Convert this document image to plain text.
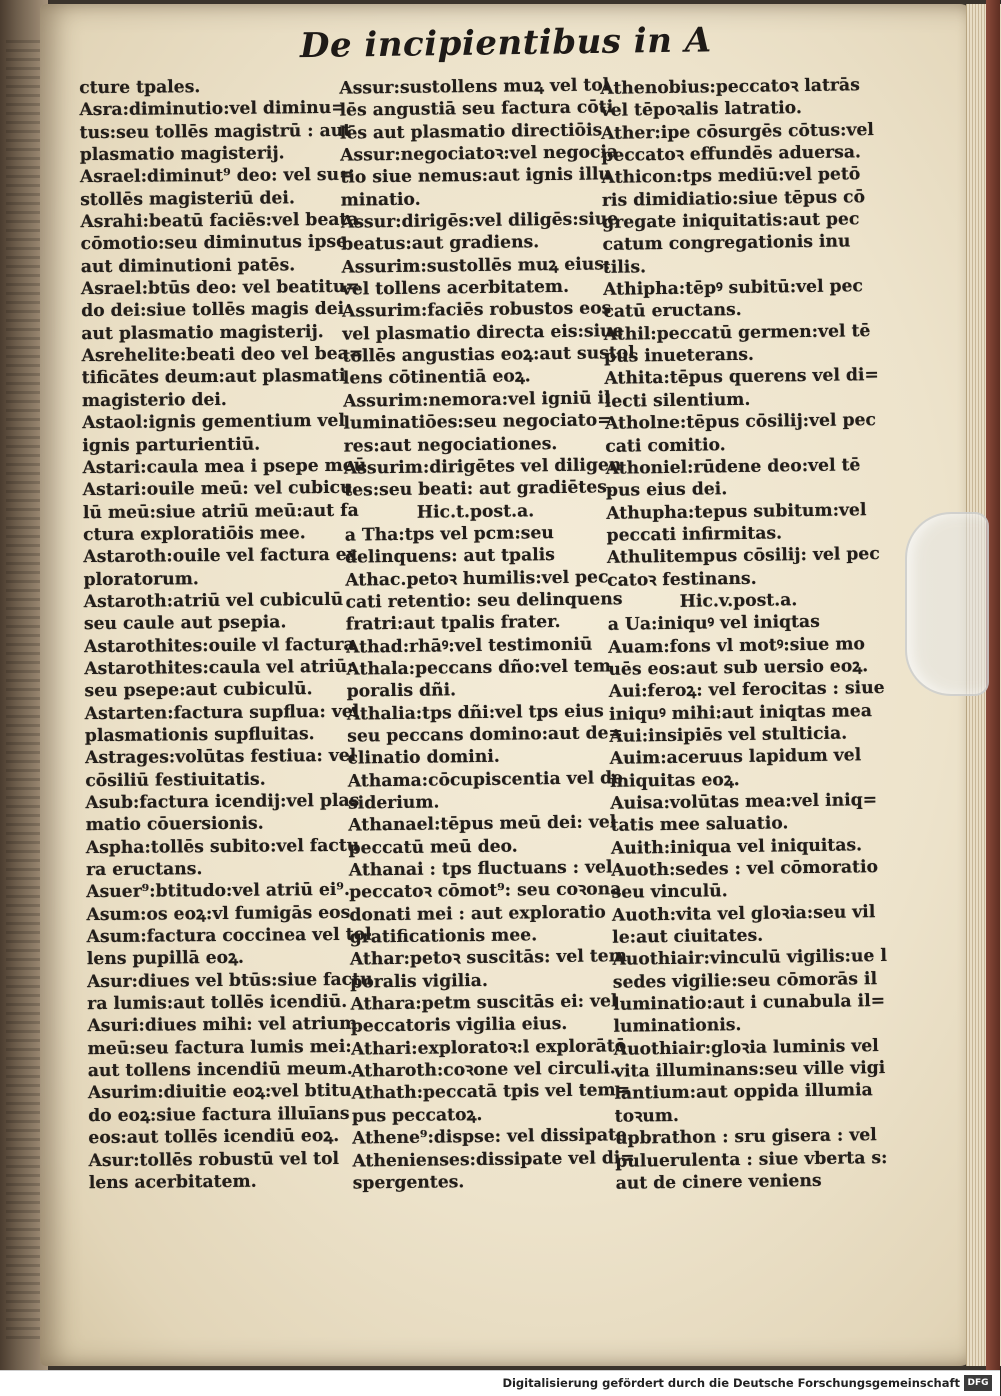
De incipientibus in A
cture tpales.
Asra:diminutio:vel diminu=
tus:seu tollēs magistrū : aut
plasmatio magisterij.
Asrael:diminut⁹ deo: vel su=
stollēs magisteriū dei.
Asrahi:beatū faciēs:vel beata
cōmotio:seu diminutus ipse
aut diminutioni patēs.
Asrael:btūs deo: vel beatitu=
do dei:siue tollēs magis dei
aut plasmatio magisterij.
Asrehelite:beati deo vel bea=
tificātes deum:aut plasmati
magisterio dei.
Astaol:ignis gementium vel
ignis parturientiū.
Astari:caula mea i psepe meū
Astari:ouile meū: vel cubicu
lū meū:siue atriū meū:aut fa
ctura exploratiōis mee.
Astaroth:ouile vel factura ex
ploratorum.
Astaroth:atriū vel cubiculū
seu caule aut psepia.
Astarothites:ouile vl factura
Astarothites:caula vel atriū:
seu psepe:aut cubiculū.
Astarten:factura supflua: vel
plasmationis supfluitas.
Astrages:volūtas festiua: vel
cōsiliū festiuitatis.
Asub:factura icendij:vel plas
matio cōuersionis.
Aspha:tollēs subito:vel factu
ra eructans.
Asuer⁹:btitudo:vel atriū ei⁹.
Asum:os eoꝝ:vl fumigās eos
Asum:factura coccinea vel tol
lens pupillā eoꝝ.
Asur:diues vel btūs:siue factu
ra lumis:aut tollēs icendiū.
Asuri:diues mihi: vel atrium
meū:seu factura lumis mei:
aut tollens incendiū meum.
Asurim:diuitie eoꝝ:vel btitu
do eoꝝ:siue factura illuīans
eos:aut tollēs icendiū eoꝝ.
Asur:tollēs robustū vel tol
lens acerbitatem.
Assur:sustollens muꝝ vel tol
lēs angustiā seu factura cōti
lēs aut plasmatio directiōis
Assur:negociatoꝛ:vel negocia
tio siue nemus:aut ignis illu
minatio.
Assur:dirigēs:vel diligēs:siue
beatus:aut gradiens.
Assurim:sustollēs muꝝ eius:
vel tollens acerbitatem.
Assurim:faciēs robustos eos
vel plasmatio directa eis:siue
tollēs angustias eoꝝ:aut sustol
lens cōtinentiā eoꝝ.
Assurim:nemora:vel igniū il
luminatiōes:seu negociato=
res:aut negociationes.
Assurim:dirigētes vel diligen
tes:seu beati: aut gradiētes.
Hic.t.post.a.
a Tha:tps vel pcm:seu
delinquens: aut tpalis
Athac.petoꝛ humilis:vel pec
cati retentio: seu delinquens
fratri:aut tpalis frater.
Athad:rhāꝰ:vel testimoniū
Athala:peccans dño:vel tem
poralis dñi.
Athalia:tps dñi:vel tps eius
seu peccans domino:aut de=
clinatio domini.
Athama:cōcupiscentia vel de
siderium.
Athanael:tēpus meū dei: vel
peccatū meū deo.
Athanai : tps fluctuans : vel
peccatoꝛ cōmot⁹: seu coꝛona
donati mei : aut exploratio
gratificationis mee.
Athar:petoꝛ suscitās: vel tem
poralis vigilia.
Athara:petm suscitās ei: vel
peccatoris vigilia eius.
Athari:exploratoꝛ:l explorātō
Atharoth:coꝛone vel circuli.
Athath:peccatā tpis vel tem=
pus peccatoꝝ.
Athene⁹:dispse: vel dissipate.
Athenienses:dissipate vel di=
spergentes.
Athenobius:peccatoꝛ latrās
vel tēpoꝛalis latratio.
Ather:ipe cōsurgēs cōtus:vel
peccatoꝛ effundēs aduersa.
Athicon:tps mediū:vel petō
ris dimidiatio:siue tēpus cō
gregate iniquitatis:aut pec
catum congregationis inu
tilis.
Athipha:tēpꝰ subitū:vel pec
catū eructans.
Athil:peccatū germen:vel tē
pus inueterans.
Athita:tēpus querens vel di=
lecti silentium.
Atholne:tēpus cōsilij:vel pec
cati comitio.
Athoniel:rūdene deo:vel tē
pus eius dei.
Athupha:tepus subitum:vel
peccati infirmitas.
Athulitempus cōsilij: vel pec
catoꝛ festinans.
Hic.v.post.a.
a Ua:iniquꝰ vel iniqtas
Auam:fons vl motꝰ:siue mo
uēs eos:aut sub uersio eoꝝ.
Aui:feroꝝ: vel ferocitas : siue
iniquꝰ mihi:aut iniqtas mea
Aui:insipiēs vel stulticia.
Auim:aceruus lapidum vel
iniquitas eoꝝ.
Auisa:volūtas mea:vel iniq=
tatis mee saluatio.
Auith:iniqua vel iniquitas.
Auoth:sedes : vel cōmoratio
seu vinculū.
Auoth:vita vel gloꝛia:seu vil
le:aut ciuitates.
Auothiair:vinculū vigilis:ue l
sedes vigilie:seu cōmorās il
luminatio:aut i cunabula il=
luminationis.
Auothiair:gloꝛia luminis vel
vita illuminans:seu ville vigi
lantium:aut oppida illumia
toꝛum.
upbrathon : sru gisera : vel
puluerulenta : siue vberta s:
aut de cinere veniens
Digitalisierung gefördert durch die Deutsche Forschungsgemeinschaft DFG
